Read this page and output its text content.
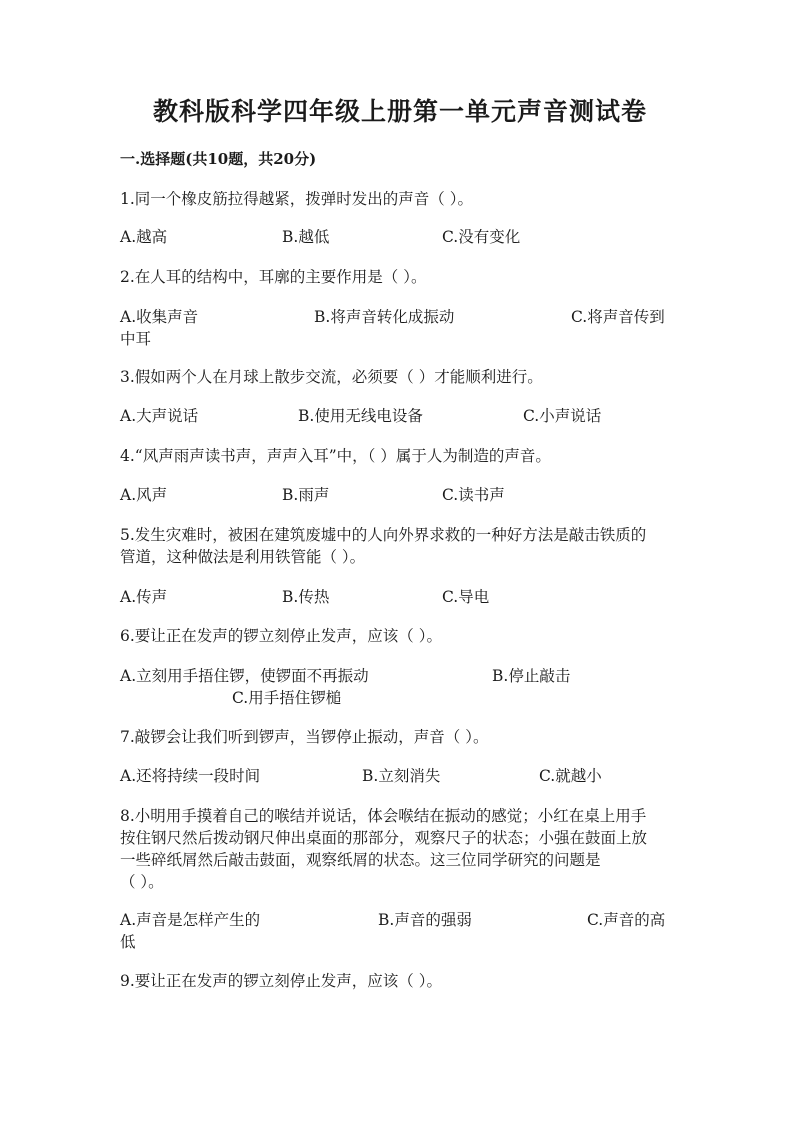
教科版科学四年级上册第一单元声音测试卷
一.选择题(共10题，共20分)
1.同一个橡皮筋拉得越紧，拨弹时发出的声音（ ）。
A.越高	B.越低	C.没有变化
2.在人耳的结构中，耳廓的主要作用是（ ）。
A.收集声音	B.将声音转化成振动	C.将声音传到
中耳
3.假如两个人在月球上散步交流，必须要（ ）才能顺利进行。
A.大声说话	B.使用无线电设备	C.小声说话
4.“风声雨声读书声，声声入耳”中，（ ）属于人为制造的声音。
A.风声	B.雨声	C.读书声
5.发生灾难时，被困在建筑废墟中的人向外界求救的一种好方法是敲击铁质的
管道，这种做法是利用铁管能（ ）。
A.传声	B.传热	C.导电
6.要让正在发声的锣立刻停止发声，应该（ ）。
A.立刻用手捂住锣，使锣面不再振动	B.停止敲击
C.用手捂住锣槌
7.敲锣会让我们听到锣声，当锣停止振动，声音（ ）。
A.还将持续一段时间	B.立刻消失	C.就越小
8.小明用手摸着自己的喉结并说话，体会喉结在振动的感觉；小红在桌上用手
按住钢尺然后拨动钢尺伸出桌面的那部分，观察尺子的状态；小强在鼓面上放
一些碎纸屑然后敲击鼓面，观察纸屑的状态。这三位同学研究的问题是
（ ）。
A.声音是怎样产生的	B.声音的强弱	C.声音的高
低
9.要让正在发声的锣立刻停止发声，应该（ ）。
